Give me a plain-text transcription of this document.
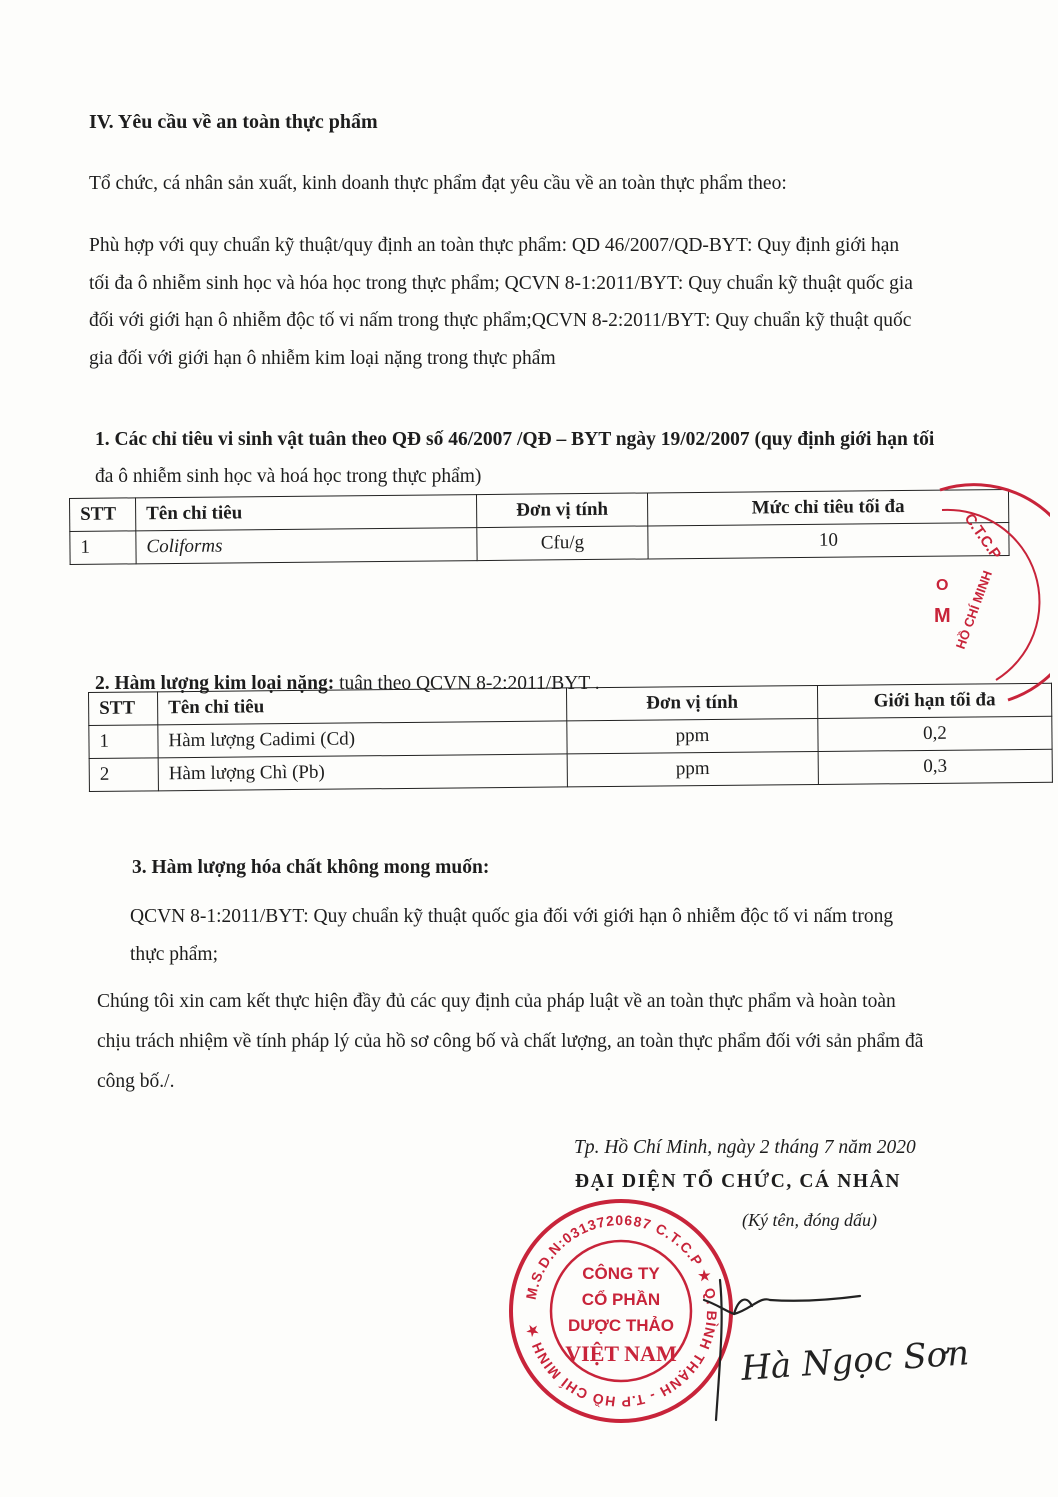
IV. Yêu cầu về an toàn thực phẩm
Tổ chức, cá nhân sản xuất, kinh doanh thực phẩm đạt yêu cầu về an toàn thực phẩm theo:
Phù hợp với quy chuẩn kỹ thuật/quy định an toàn thực phẩm: QD 46/2007/QD-BYT: Quy định giới hạn
tối đa ô nhiễm sinh học và hóa học trong thực phẩm; QCVN 8-1:2011/BYT: Quy chuẩn kỹ thuật quốc gia
đối với giới hạn ô nhiễm độc tố vi nấm trong thực phẩm;QCVN 8-2:2011/BYT: Quy chuẩn kỹ thuật quốc
gia đối với giới hạn ô nhiễm kim loại nặng trong thực phẩm
1. Các chỉ tiêu vi sinh vật tuân theo QĐ số 46/2007 /QĐ – BYT ngày 19/02/2007 (quy định giới hạn tối
đa ô nhiễm sinh học và hoá học trong thực phẩm)
STT	Tên chỉ tiêu	Đơn vị tính	Mức chỉ tiêu tối đa
1	Coliforms	Cfu/g	10
2. Hàm lượng kim loại nặng: tuân theo QCVN 8-2:2011/BYT .
STT	Tên chỉ tiêu	Đơn vị tính	Giới hạn tối đa
1	Hàm lượng Cadimi (Cd)	ppm	0,2
2	Hàm lượng Chì (Pb)	ppm	0,3
3. Hàm lượng hóa chất không mong muốn:
QCVN 8-1:2011/BYT: Quy chuẩn kỹ thuật quốc gia đối với giới hạn ô nhiễm độc tố vi nấm trong
thực phẩm;
Chúng tôi xin cam kết thực hiện đầy đủ các quy định của pháp luật về an toàn thực phẩm và hoàn toàn
chịu trách nhiệm về tính pháp lý của hồ sơ công bố và chất lượng, an toàn thực phẩm đối với sản phẩm đã
công bố./.
Tp. Hồ Chí Minh, ngày 2 tháng 7 năm 2020
ĐẠI DIỆN TỔ CHỨC, CÁ NHÂN
(Ký tên, đóng dấu)
C.T.C.P
HỒ CHÍ MINH
O
M
M.S.D.N:0313720687 C.T.C.P ★ Q. BÌNH THẠNH - T.P HỒ CHÍ MINH ★
CÔNG TY
CỔ PHẦN
DƯỢC THẢO
VIỆT NAM Hà Ngọc Sơn
